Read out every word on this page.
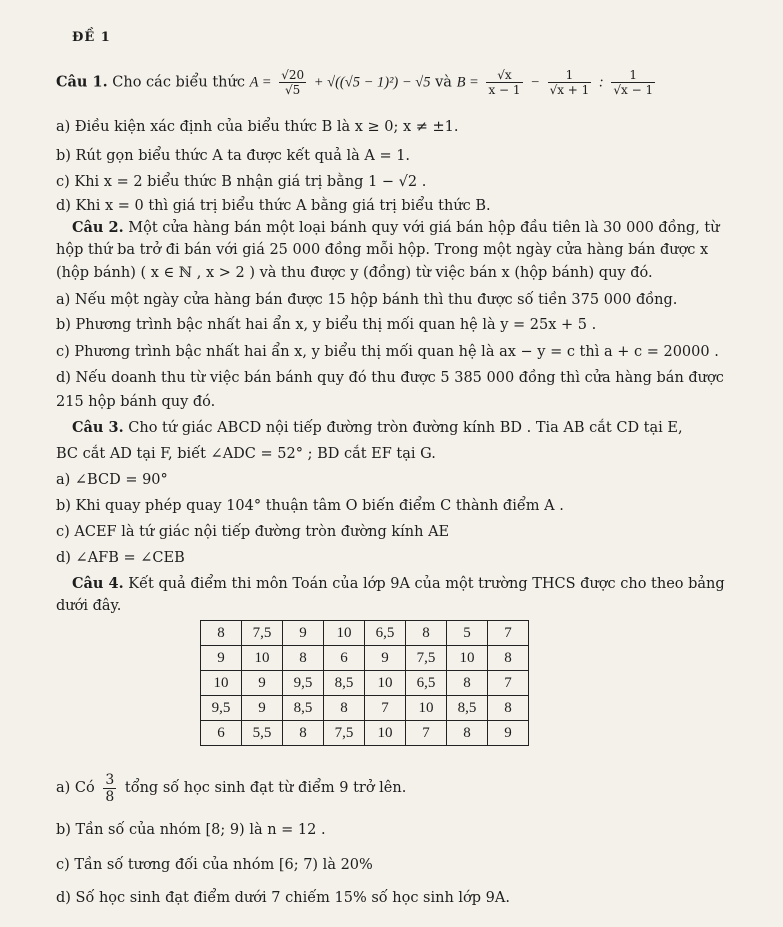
ĐỀ 1
Câu 1. Cho các biểu thức $A = \frac{√20}{√5} + √((√5 - 1)^2) - √5$ và $B = \frac{√x}{x - 1} - \frac{1}{√x + 1}$ : $\frac{1}{√x - 1}$
a) Điều kiện xác định của biểu thức B là x ≥ 0; x ≠ ±1.
b) Rút gọn biểu thức A ta được kết quả là A = 1.
c) Khi x = 2 biểu thức B nhận giá trị bằng 1 − √2 .
d) Khi x = 0 thì giá trị biểu thức A bằng giá trị biểu thức B.
Câu 2. Một cửa hàng bán một loại bánh quy với giá bán hộp đầu tiên là 30 000 đồng, từ
hộp thứ ba trở đi bán với giá 25 000 đồng mỗi hộp. Trong một ngày cửa hàng bán được x
(hộp bánh) ( x ∈ ℕ , x > 2 ) và thu được y (đồng) từ việc bán x (hộp bánh) quy đó.
a) Nếu một ngày cửa hàng bán được 15 hộp bánh thì thu được số tiền 375 000 đồng.
b) Phương trình bậc nhất hai ẩn x, y biểu thị mối quan hệ là y = 25x + 5 .
c) Phương trình bậc nhất hai ẩn x, y biểu thị mối quan hệ là ax − y = c thì a + c = 20000 .
d) Nếu doanh thu từ việc bán bánh quy đó thu được 5 385 000 đồng thì cửa hàng bán được
215 hộp bánh quy đó.
Câu 3. Cho tứ giác ABCD nội tiếp đường tròn đường kính BD . Tia AB cắt CD tại E,
BC cắt AD tại F, biết ∠ADC = 52° ; BD cắt EF tại G.
a) ∠BCD = 90°
b) Khi quay phép quay 104° thuận tâm O biến điểm C thành điểm A .
c) ACEF là tứ giác nội tiếp đường tròn đường kính AE
d) ∠AFB = ∠CEB
Câu 4. Kết quả điểm thi môn Toán của lớp 9A của một trường THCS được cho theo bảng
dưới đây.
8	7,5	9	10	6,5	8	5	7
9	10	8	6	9	7,5	10	8
10	9	9,5	8,5	10	6,5	8	7
9,5	9	8,5	8	7	10	8,5	8
6	5,5	8	7,5	10	7	8	9
a) Có $\frac{3}{8}$ tổng số học sinh đạt từ điểm 9 trở lên.
b) Tần số của nhóm [8; 9) là n = 12 .
c) Tần số tương đối của nhóm [6; 7) là 20%
d) Số học sinh đạt điểm dưới 7 chiếm 15% số học sinh lớp 9A.
